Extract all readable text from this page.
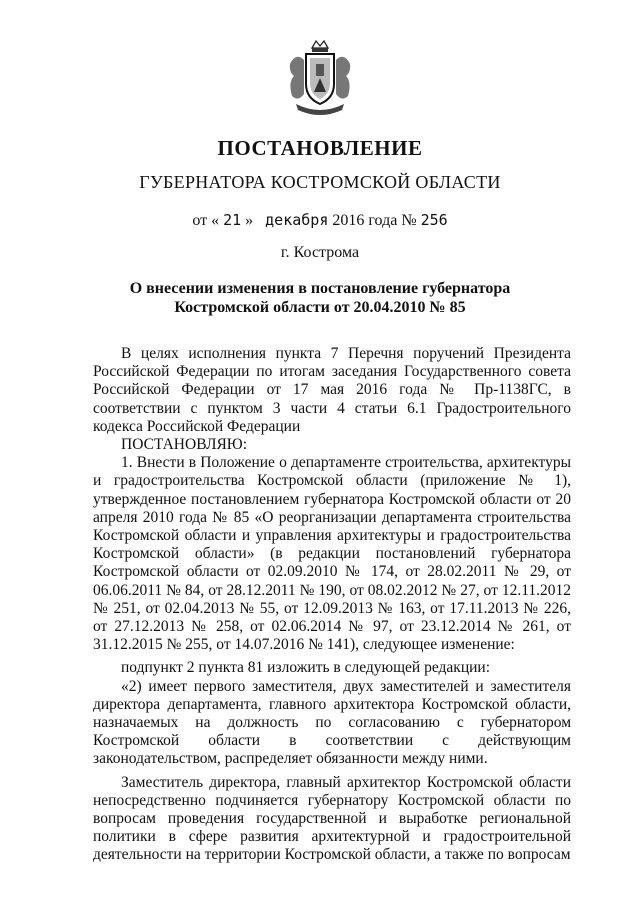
ПОСТАНОВЛЕНИЕ
ГУБЕРНАТОРА КОСТРОМСКОЙ ОБЛАСТИ
от « 21 » декабря 2016 года № 256
г. Кострома
О внесении изменения в постановление губернатора
Костромской области от 20.04.2010 № 85

В целях исполнения пункта 7 Перечня поручений Президента Российской Федерации по итогам заседания Государственного совета Российской Федерации от 17 мая 2016 года № Пр-1138ГС, в соответствии с пунктом 3 части 4 статьи 6.1 Градостроительного кодекса Российской Федерации

ПОСТАНОВЛЯЮ:

1. Внести в Положение о департаменте строительства, архитектуры и градостроительства Костромской области (приложение № 1), утвержденное постановлением губернатора Костромской области от 20 апреля 2010 года № 85 «О реорганизации департамента строительства Костромской области и управления архитектуры и градостроительства Костромской области» (в редакции постановлений губернатора Костромской области от 02.09.2010 № 174, от 28.02.2011 № 29, от 06.06.2011 № 84, от 28.12.2011 № 190, от 08.02.2012 № 27, от 12.11.2012 № 251, от 02.04.2013 № 55, от 12.09.2013 № 163, от 17.11.2013 № 226, от 27.12.2013 № 258, от 02.06.2014 № 97, от 23.12.2014 № 261, от 31.12.2015 № 255, от 14.07.2016 № 141), следующее изменение:

подпункт 2 пункта 81 изложить в следующей редакции:

«2) имеет первого заместителя, двух заместителей и заместителя директора департамента, главного архитектора Костромской области, назначаемых на должность по согласованию с губернатором Костромской области в соответствии с действующим законодательством, распределяет обязанности между ними.

Заместитель директора, главный архитектор Костромской области непосредственно подчиняется губернатору Костромской области по вопросам проведения государственной и выработке региональной политики в сфере развития архитектурной и градостроительной деятельности на территории Костромской области, а также по вопросам
